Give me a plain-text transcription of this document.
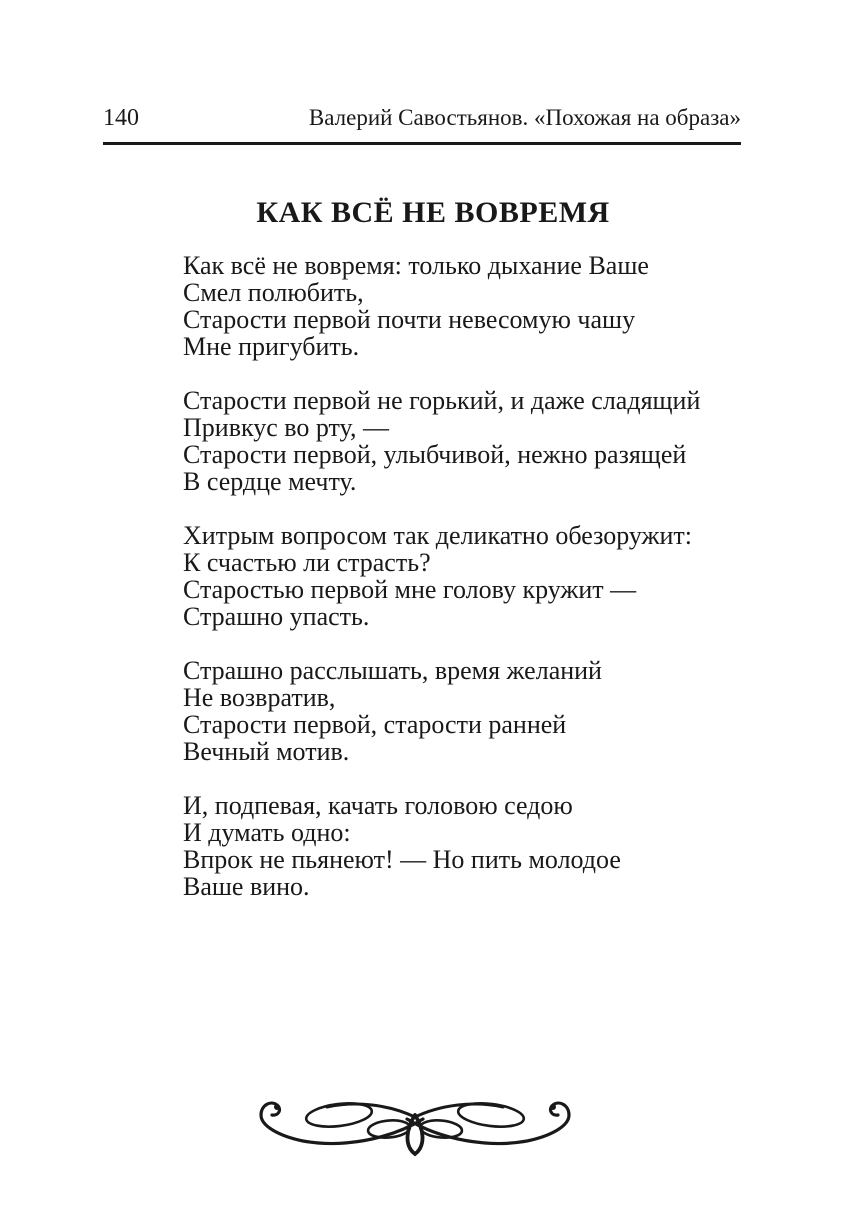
140	Валерий Савостьянов. «Похожая на образа»
КАК ВСЁ НЕ ВОВРЕМЯ

Как всё не вовремя: только дыхание Ваше
Смел полюбить,
Старости первой почти невесомую чашу
Мне пригубить.

Старости первой не горький, и даже сладящий
Привкус во рту, —
Старости первой, улыбчивой, нежно разящей
В сердце мечту.

Хитрым вопросом так деликатно обезоружит:
К счастью ли страсть?
Старостью первой мне голову кружит —
Страшно упасть.

Страшно расслышать, время желаний
Не возвратив,
Старости первой, старости ранней
Вечный мотив.

И, подпевая, качать головою седою
И думать одно:
Впрок не пьянеют! — Но пить молодое
Ваше вино.
